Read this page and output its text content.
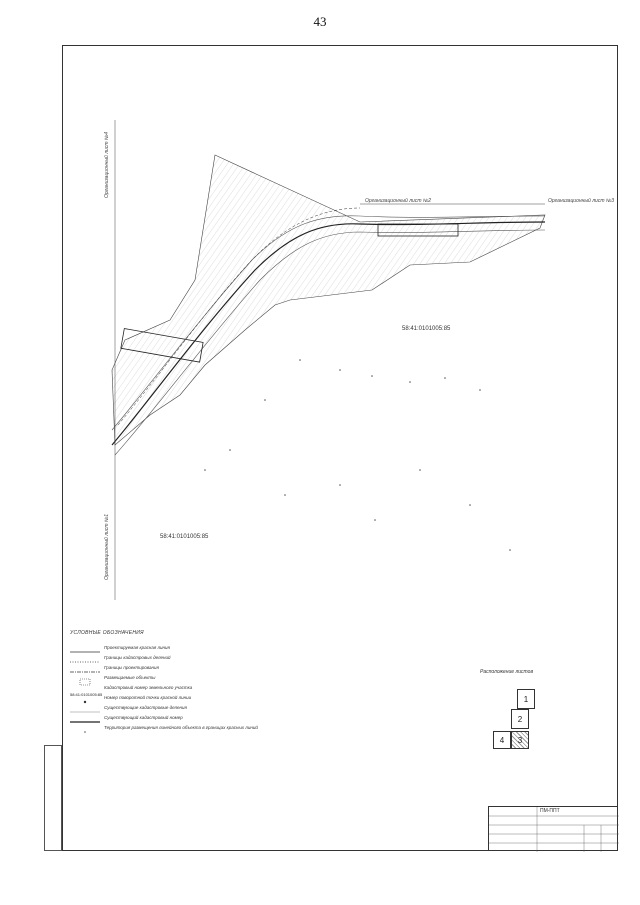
43
58:41:0101005:85
58:41:0101005:85
Организационный лист №4
Организационный лист №1
Организационный лист №2	Организационный лист №3
УСЛОВНЫЕ ОБОЗНАЧЕНИЯ
Проектируемая красная линия
Границы кадастровых делений
Границы проектирования
Размещаемые объекты
58:41:0101005:85
Кадастровый номер земельного участка
Номер поворотной точки красной линии
Существующие кадастровые деления
Существующий кадастровый номер
Территория размещения линейного объекта в границах красных линий
Расположение листов
1
2
4	3
ПМ-ППТ
